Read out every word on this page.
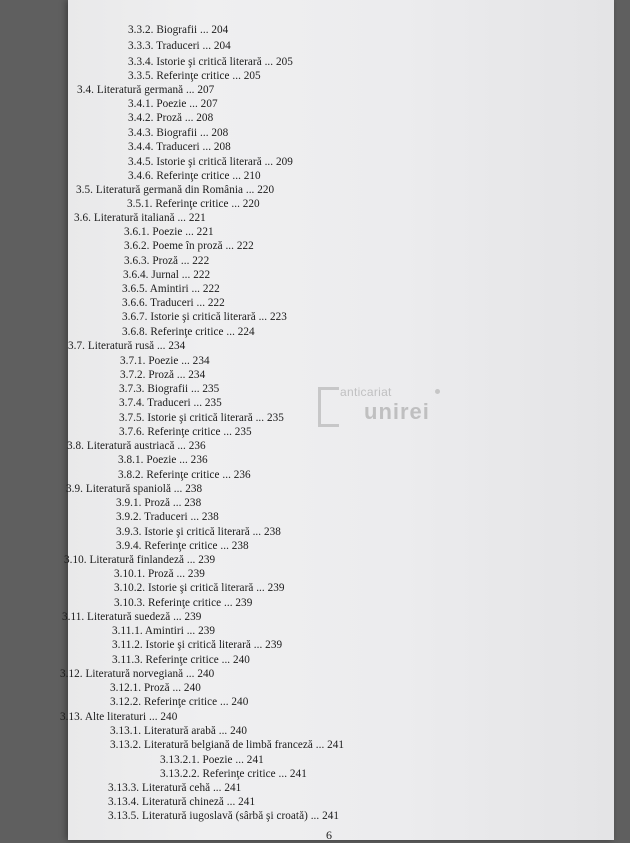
3.3.2. Biografii ... 204
3.3.3. Traduceri ... 204
3.3.4. Istorie şi critică literară ... 205
3.3.5. Referinţe critice ... 205
3.4. Literatură germană ... 207
3.4.1. Poezie ... 207
3.4.2. Proză ... 208
3.4.3. Biografii ... 208
3.4.4. Traduceri ... 208
3.4.5. Istorie şi critică literară ... 209
3.4.6. Referinţe critice ... 210
3.5. Literatură germană din România ... 220
3.5.1. Referinţe critice ... 220
3.6. Literatură italiană ... 221
3.6.1. Poezie ... 221
3.6.2. Poeme în proză ... 222
3.6.3. Proză ... 222
3.6.4. Jurnal ... 222
3.6.5. Amintiri ... 222
3.6.6. Traduceri ... 222
3.6.7. Istorie şi critică literară ... 223
3.6.8. Referinţe critice ... 224
3.7. Literatură rusă ... 234
3.7.1. Poezie ... 234
3.7.2. Proză ... 234
3.7.3. Biografii ... 235
3.7.4. Traduceri ... 235
3.7.5. Istorie şi critică literară ... 235
3.7.6. Referinţe critice ... 235
3.8. Literatură austriacă ... 236
3.8.1. Poezie ... 236
3.8.2. Referinţe critice ... 236
3.9. Literatură spaniolă ... 238
3.9.1. Proză ... 238
3.9.2. Traduceri ... 238
3.9.3. Istorie şi critică literară ... 238
3.9.4. Referinţe critice ... 238
3.10. Literatură finlandeză ... 239
3.10.1. Proză ... 239
3.10.2. Istorie şi critică literară ... 239
3.10.3. Referinţe critice ... 239
3.11. Literatură suedeză ... 239
3.11.1. Amintiri ... 239
3.11.2. Istorie şi critică literară ... 239
3.11.3. Referinţe critice ... 240
3.12. Literatură norvegiană ... 240
3.12.1. Proză ... 240
3.12.2. Referinţe critice ... 240
3.13. Alte literaturi ... 240
3.13.1. Literatură arabă ... 240
3.13.2. Literatură belgiană de limbă franceză ... 241
3.13.2.1. Poezie ... 241
3.13.2.2. Referinţe critice ... 241
3.13.3. Literatură cehă ... 241
3.13.4. Literatură chineză ... 241
3.13.5. Literatură iugoslavă (sârbă şi croată) ... 241
anticariat
unirei
6
